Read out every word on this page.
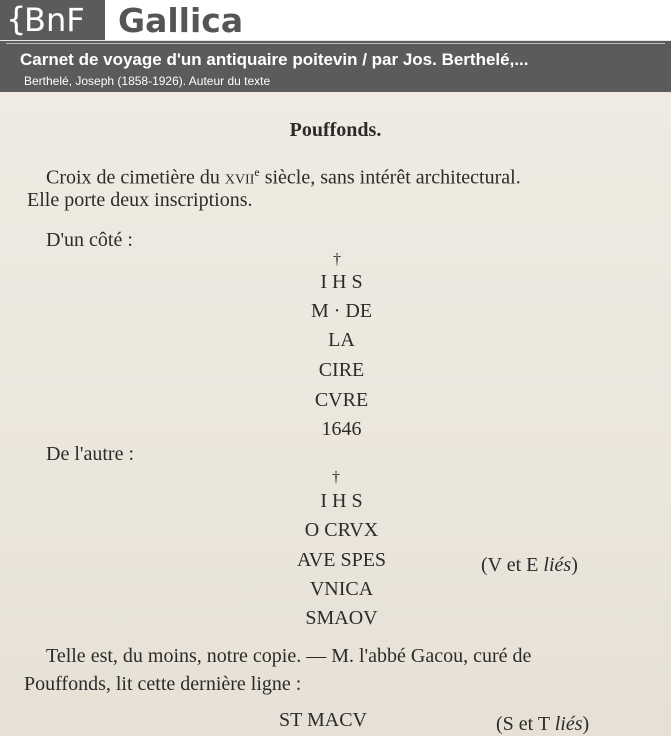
{
BnF Gallica
Carnet de voyage d'un antiquaire poitevin / par Jos. Berthelé,...
Berthelé, Joseph (1858-1926). Auteur du texte
Pouffonds.
Croix de cimetière du XVIIe siècle, sans intérêt architectural.
Elle porte deux inscriptions.
D'un côté :
†
I H S
M · DE
LA
CIRE
CVRE
1646
De l'autre :
†
I H S
O CRVX
AVE SPES
VNICA
SMAOV
(V et E liés)
Telle est, du moins, notre copie. — M. l'abbé Gacou, curé de
Pouffonds, lit cette dernière ligne :
ST MACV	(S et T liés)
